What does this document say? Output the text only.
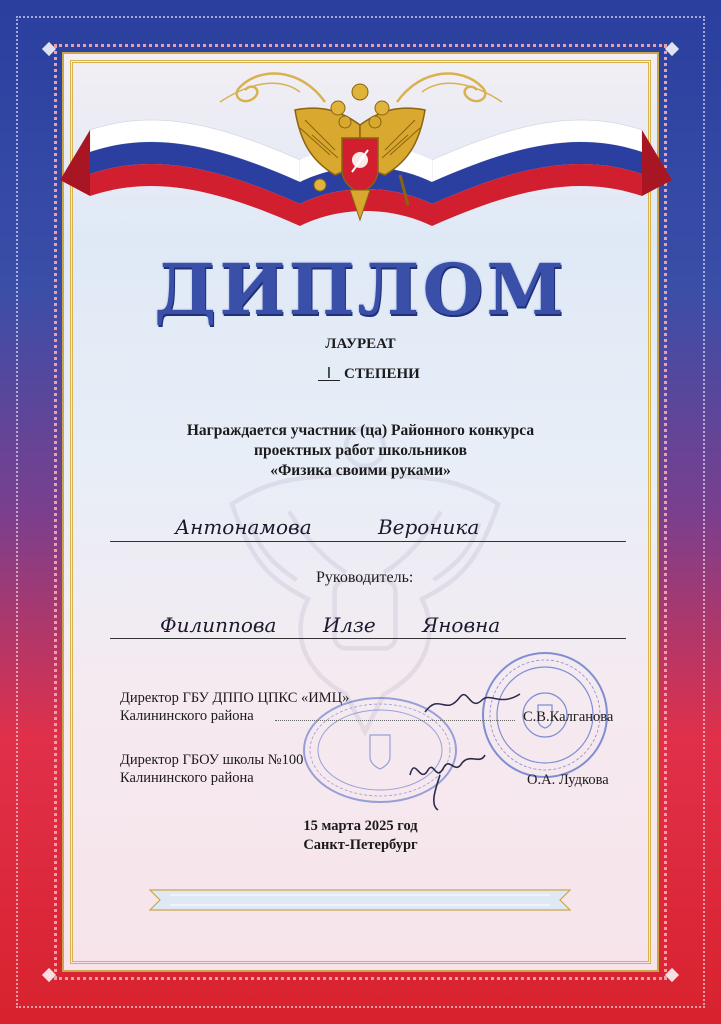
ДИПЛОМ
ЛАУРЕАТ
I СТЕПЕНИ
Награждается участник (ца) Районного конкурса
проектных работ школьников
«Физика своими руками»
Антонамова Вероника
Руководитель:
Филиппова Илзе Яновна
Директор ГБУ ДППО ЦПКС «ИМЦ»
Калининского района	С.В.Калганова
Директор ГБОУ школы №100
Калининского района	О.А. Лудкова
15 марта 2025 год
Санкт-Петербург
